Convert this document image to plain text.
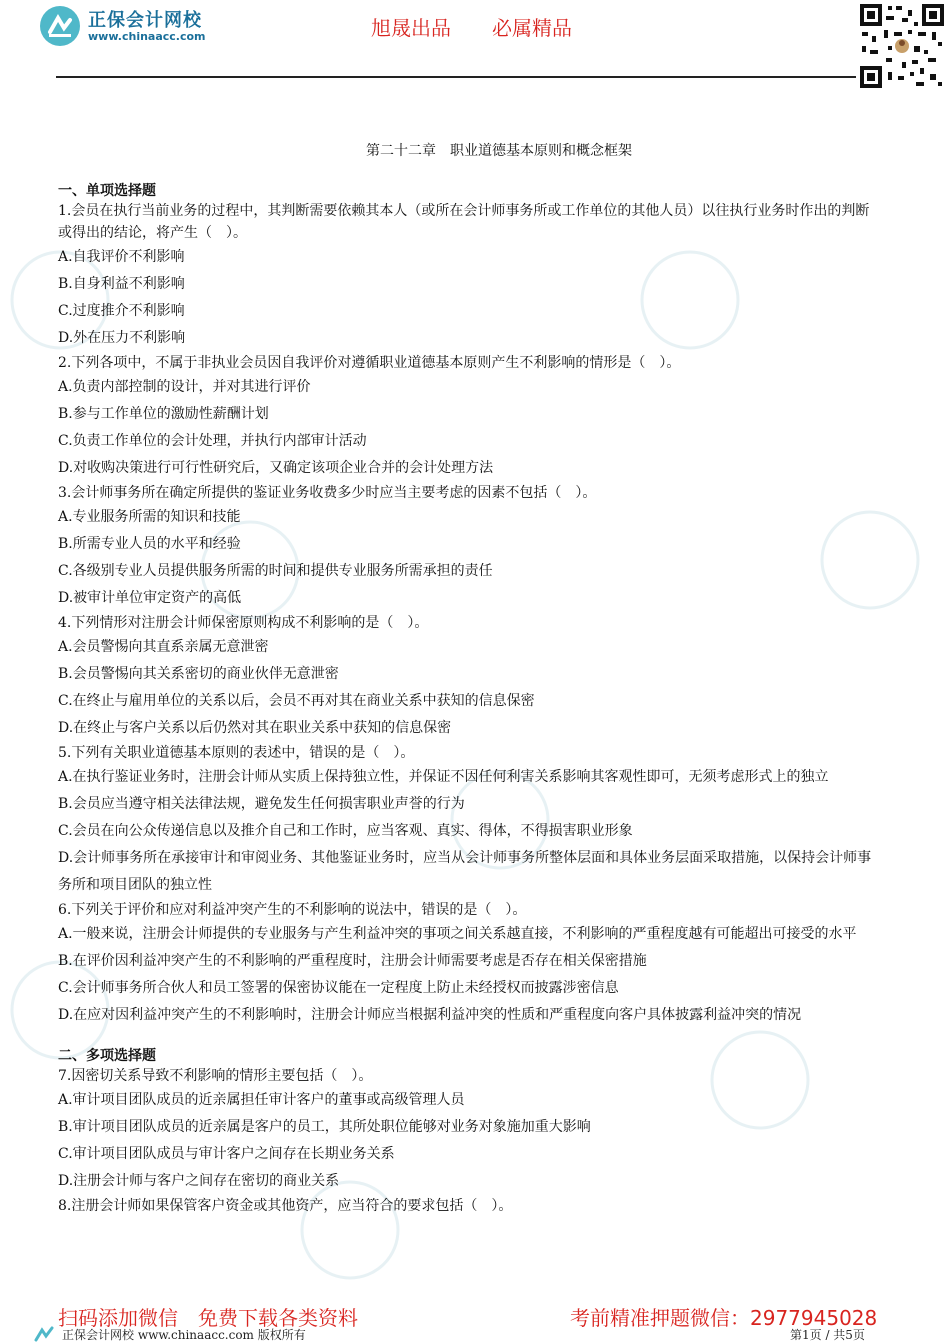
正保会计网校
www.chinaacc.com	旭晟出品 必属精品
第二十二章　职业道德基本原则和概念框架
一、单项选择题

1.会员在执行当前业务的过程中，其判断需要依赖其本人（或所在会计师事务所或工作单位的其他人员）以往执行业务时作出的判断或得出的结论，将产生（　）。

A.自我评价不利影响

B.自身利益不利影响

C.过度推介不利影响

D.外在压力不利影响

2.下列各项中，不属于非执业会员因自我评价对遵循职业道德基本原则产生不利影响的情形是（　）。

A.负责内部控制的设计，并对其进行评价

B.参与工作单位的激励性薪酬计划

C.负责工作单位的会计处理，并执行内部审计活动

D.对收购决策进行可行性研究后，又确定该项企业合并的会计处理方法

3.会计师事务所在确定所提供的鉴证业务收费多少时应当主要考虑的因素不包括（　）。

A.专业服务所需的知识和技能

B.所需专业人员的水平和经验

C.各级别专业人员提供服务所需的时间和提供专业服务所需承担的责任

D.被审计单位审定资产的高低

4.下列情形对注册会计师保密原则构成不利影响的是（　）。

A.会员警惕向其直系亲属无意泄密

B.会员警惕向其关系密切的商业伙伴无意泄密

C.在终止与雇用单位的关系以后，会员不再对其在商业关系中获知的信息保密

D.在终止与客户关系以后仍然对其在职业关系中获知的信息保密

5.下列有关职业道德基本原则的表述中，错误的是（　）。

A.在执行鉴证业务时，注册会计师从实质上保持独立性，并保证不因任何利害关系影响其客观性即可，无须考虑形式上的独立

B.会员应当遵守相关法律法规，避免发生任何损害职业声誉的行为

C.会员在向公众传递信息以及推介自己和工作时，应当客观、真实、得体，不得损害职业形象

D.会计师事务所在承接审计和审阅业务、其他鉴证业务时，应当从会计师事务所整体层面和具体业务层面采取措施，以保持会计师事务所和项目团队的独立性

6.下列关于评价和应对利益冲突产生的不利影响的说法中，错误的是（　）。

A.一般来说，注册会计师提供的专业服务与产生利益冲突的事项之间关系越直接，不利影响的严重程度越有可能超出可接受的水平

B.在评价因利益冲突产生的不利影响的严重程度时，注册会计师需要考虑是否存在相关保密措施

C.会计师事务所合伙人和员工签署的保密协议能在一定程度上防止未经授权而披露涉密信息

D.在应对因利益冲突产生的不利影响时，注册会计师应当根据利益冲突的性质和严重程度向客户具体披露利益冲突的情况

二、多项选择题

7.因密切关系导致不利影响的情形主要包括（　）。

A.审计项目团队成员的近亲属担任审计客户的董事或高级管理人员

B.审计项目团队成员的近亲属是客户的员工，其所处职位能够对业务对象施加重大影响

C.审计项目团队成员与审计客户之间存在长期业务关系

D.注册会计师与客户之间存在密切的商业关系

8.注册会计师如果保管客户资金或其他资产，应当符合的要求包括（　）。

扫码添加微信　免费下载各类资料	考前精准押题微信：2977945028
正保会计网校 www.chinaacc.com 版权所有	第1页 / 共5页
